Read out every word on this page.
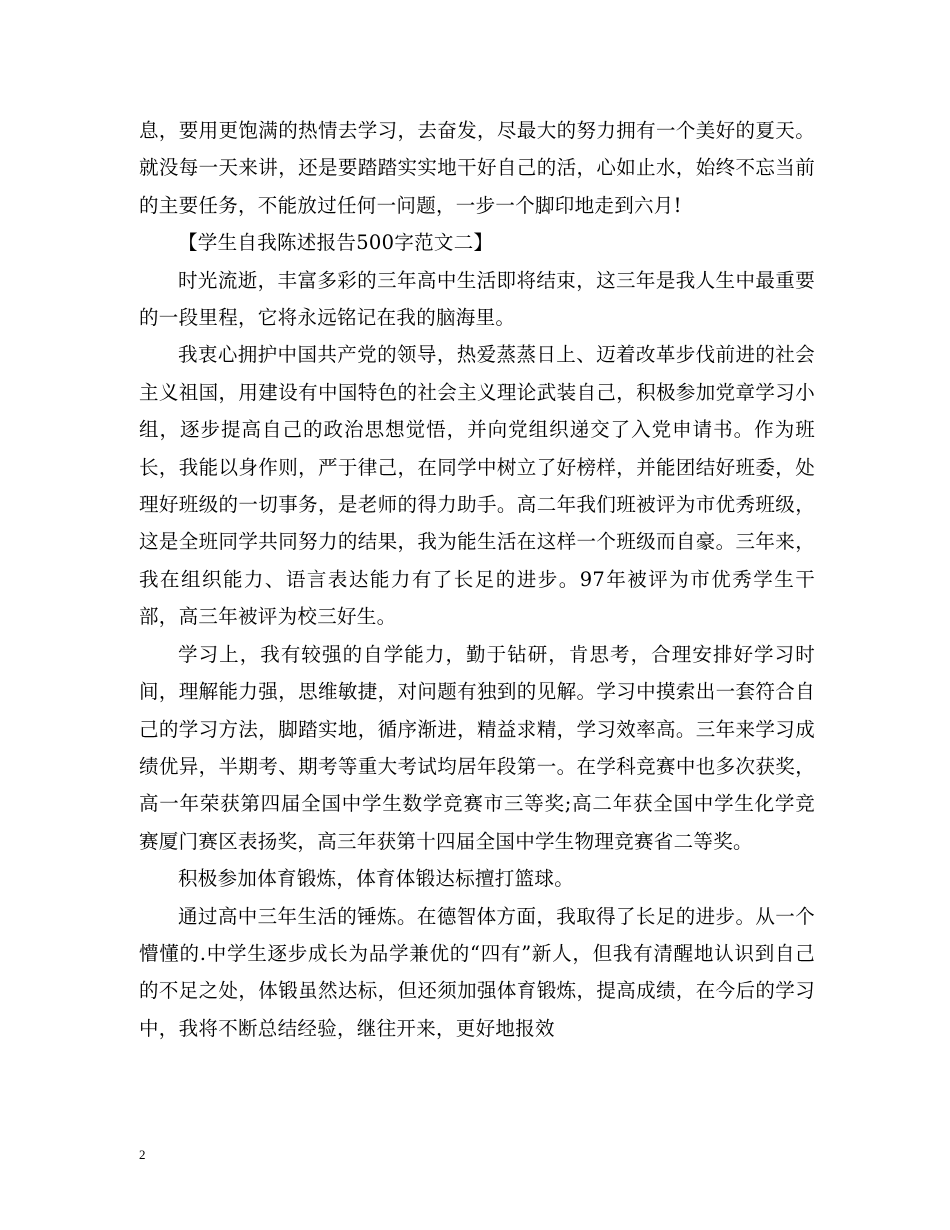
息，要用更饱满的热情去学习，去奋发，尽最大的努力拥有一个美好的夏天。就没每一天来讲，还是要踏踏实实地干好自己的活，心如止水，始终不忘当前的主要任务，不能放过任何一问题，一步一个脚印地走到六月!

【学生自我陈述报告500字范文二】

时光流逝，丰富多彩的三年高中生活即将结束，这三年是我人生中最重要的一段里程，它将永远铭记在我的脑海里。

我衷心拥护中国共产党的领导，热爱蒸蒸日上、迈着改革步伐前进的社会主义祖国，用建设有中国特色的社会主义理论武装自己，积极参加党章学习小组，逐步提高自己的政治思想觉悟，并向党组织递交了入党申请书。作为班长，我能以身作则，严于律己，在同学中树立了好榜样，并能团结好班委，处理好班级的一切事务，是老师的得力助手。高二年我们班被评为市优秀班级，这是全班同学共同努力的结果，我为能生活在这样一个班级而自豪。三年来，我在组织能力、语言表达能力有了长足的进步。97年被评为市优秀学生干部，高三年被评为校三好生。

学习上，我有较强的自学能力，勤于钻研，肯思考，合理安排好学习时间，理解能力强，思维敏捷，对问题有独到的见解。学习中摸索出一套符合自己的学习方法，脚踏实地，循序渐进，精益求精，学习效率高。三年来学习成绩优异，半期考、期考等重大考试均居年段第一。在学科竞赛中也多次获奖，高一年荣获第四届全国中学生数学竞赛市三等奖;高二年获全国中学生化学竞赛厦门赛区表扬奖，高三年获第十四届全国中学生物理竞赛省二等奖。

积极参加体育锻炼，体育体锻达标擅打篮球。

通过高中三年生活的锤炼。在德智体方面，我取得了长足的进步。从一个懵懂的.中学生逐步成长为品学兼优的“四有”新人，但我有清醒地认识到自己的不足之处，体锻虽然达标，但还须加强体育锻炼，提高成绩，在今后的学习中，我将不断总结经验，继往开来，更好地报效

2
